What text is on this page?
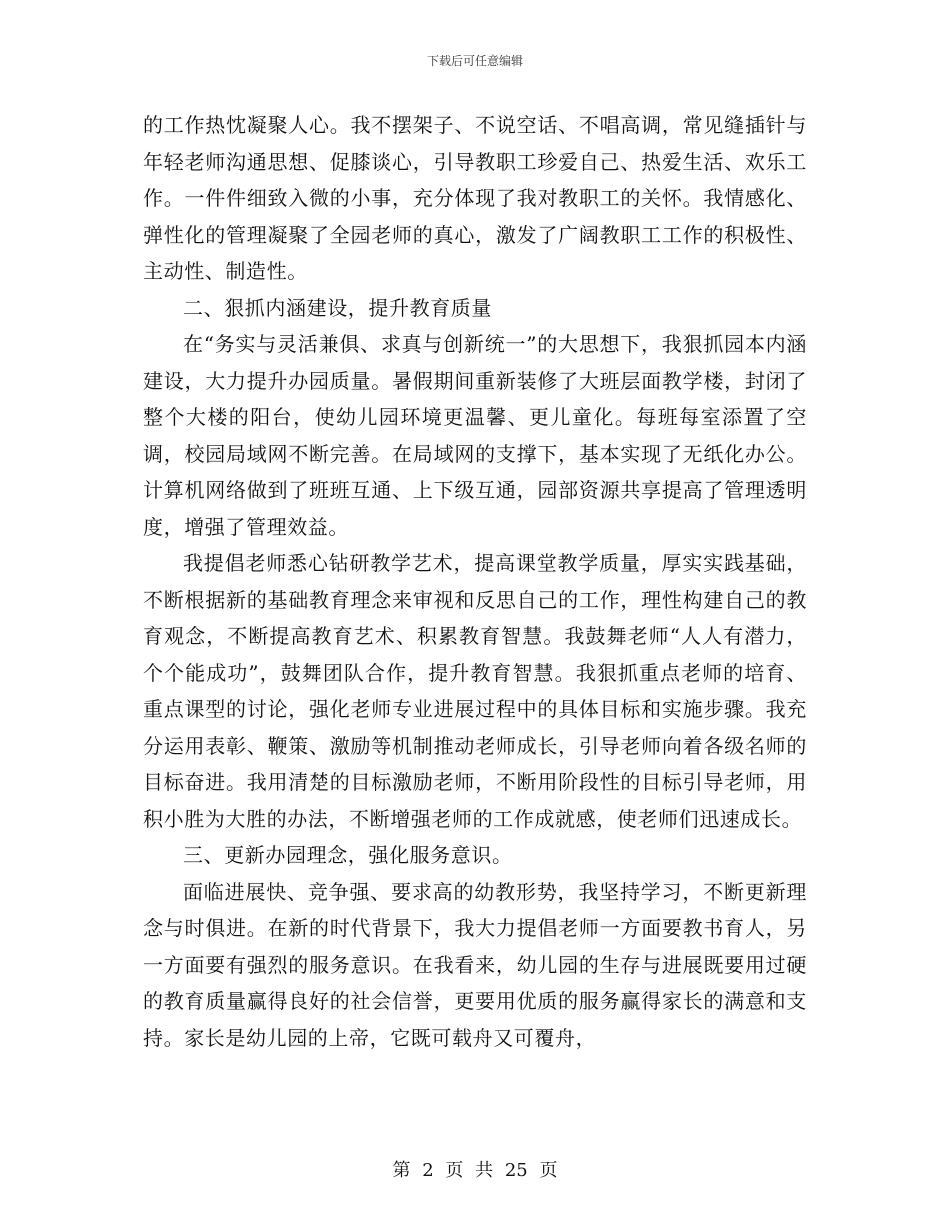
下载后可任意编辑

的工作热忱凝聚人心。我不摆架子、不说空话、不唱高调，常见缝插针与年轻老师沟通思想、促膝谈心，引导教职工珍爱自己、热爱生活、欢乐工作。一件件细致入微的小事，充分体现了我对教职工的关怀。我情感化、弹性化的管理凝聚了全园老师的真心，激发了广阔教职工工作的积极性、主动性、制造性。

二、狠抓内涵建设，提升教育质量

在“务实与灵活兼俱、求真与创新统一”的大思想下，我狠抓园本内涵建设，大力提升办园质量。暑假期间重新装修了大班层面教学楼，封闭了整个大楼的阳台，使幼儿园环境更温馨、更儿童化。每班每室添置了空调，校园局域网不断完善。在局域网的支撑下，基本实现了无纸化办公。计算机网络做到了班班互通、上下级互通，园部资源共享提高了管理透明度，增强了管理效益。

我提倡老师悉心钻研教学艺术，提高课堂教学质量，厚实实践基础，不断根据新的基础教育理念来审视和反思自己的工作，理性构建自己的教育观念，不断提高教育艺术、积累教育智慧。我鼓舞老师“人人有潜力，个个能成功”，鼓舞团队合作，提升教育智慧。我狠抓重点老师的培育、重点课型的讨论，强化老师专业进展过程中的具体目标和实施步骤。我充分运用表彰、鞭策、激励等机制推动老师成长，引导老师向着各级名师的目标奋进。我用清楚的目标激励老师，不断用阶段性的目标引导老师，用积小胜为大胜的办法，不断增强老师的工作成就感，使老师们迅速成长。

三、更新办园理念，强化服务意识。

面临进展快、竞争强、要求高的幼教形势，我坚持学习，不断更新理念与时俱进。在新的时代背景下，我大力提倡老师一方面要教书育人，另一方面要有强烈的服务意识。在我看来，幼儿园的生存与进展既要用过硬的教育质量赢得良好的社会信誉，更要用优质的服务赢得家长的满意和支持。家长是幼儿园的上帝，它既可载舟又可覆舟，

第 2 页 共 25 页
